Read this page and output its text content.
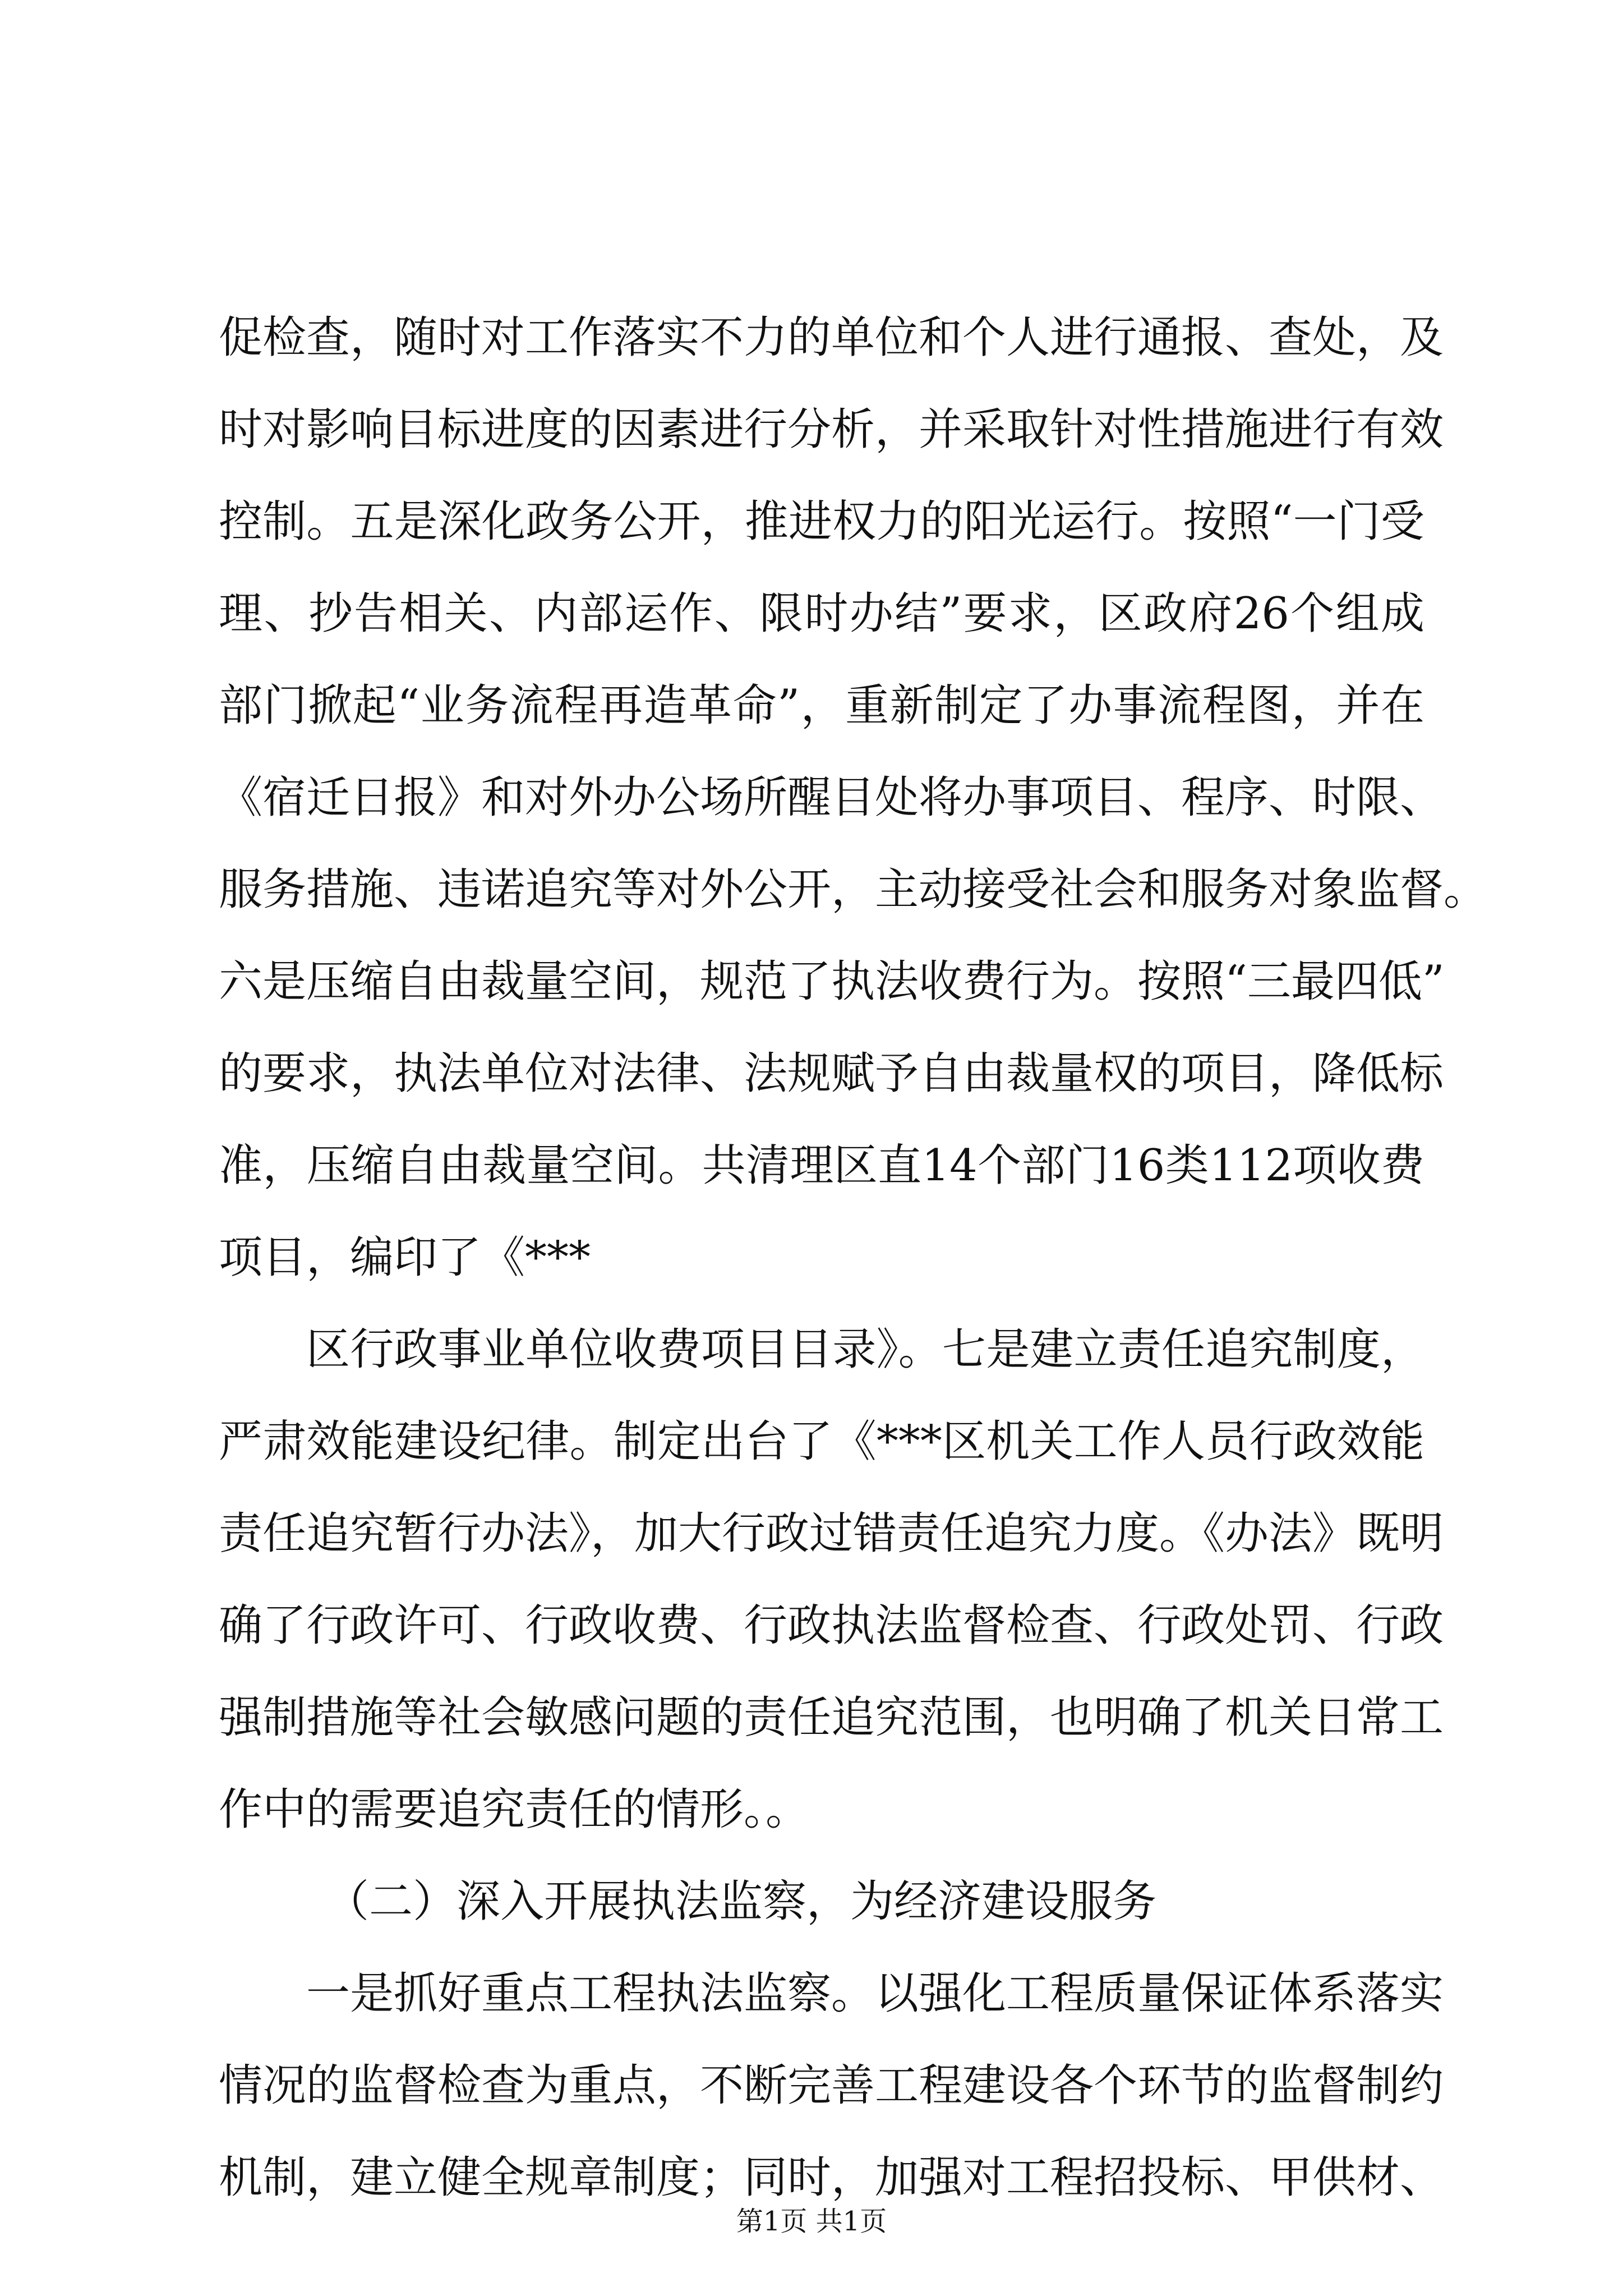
促检查，随时对工作落实不力的单位和个人进行通报、查处，及
时对影响目标进度的因素进行分析，并采取针对性措施进行有效
控制。五是深化政务公开，推进权力的阳光运行。按照“一门受
理、抄告相关、内部运作、限时办结”要求，区政府26个组成
部门掀起“业务流程再造革命”，重新制定了办事流程图，并在
《宿迁日报》和对外办公场所醒目处将办事项目、程序、时限、
服务措施、违诺追究等对外公开，主动接受社会和服务对象监督。
六是压缩自由裁量空间，规范了执法收费行为。按照“三最四低”
的要求，执法单位对法律、法规赋予自由裁量权的项目，降低标
准，压缩自由裁量空间。共清理区直14个部门16类112项收费
项目，编印了《***
区行政事业单位收费项目目录》。七是建立责任追究制度，
严肃效能建设纪律。制定出台了《***区机关工作人员行政效能
责任追究暂行办法》，加大行政过错责任追究力度。《办法》既明
确了行政许可、行政收费、行政执法监督检查、行政处罚、行政
强制措施等社会敏感问题的责任追究范围，也明确了机关日常工
作中的需要追究责任的情形。。
（二）深入开展执法监察，为经济建设服务
一是抓好重点工程执法监察。以强化工程质量保证体系落实
情况的监督检查为重点，不断完善工程建设各个环节的监督制约
机制，建立健全规章制度；同时，加强对工程招投标、甲供材、
第1页 共1页
